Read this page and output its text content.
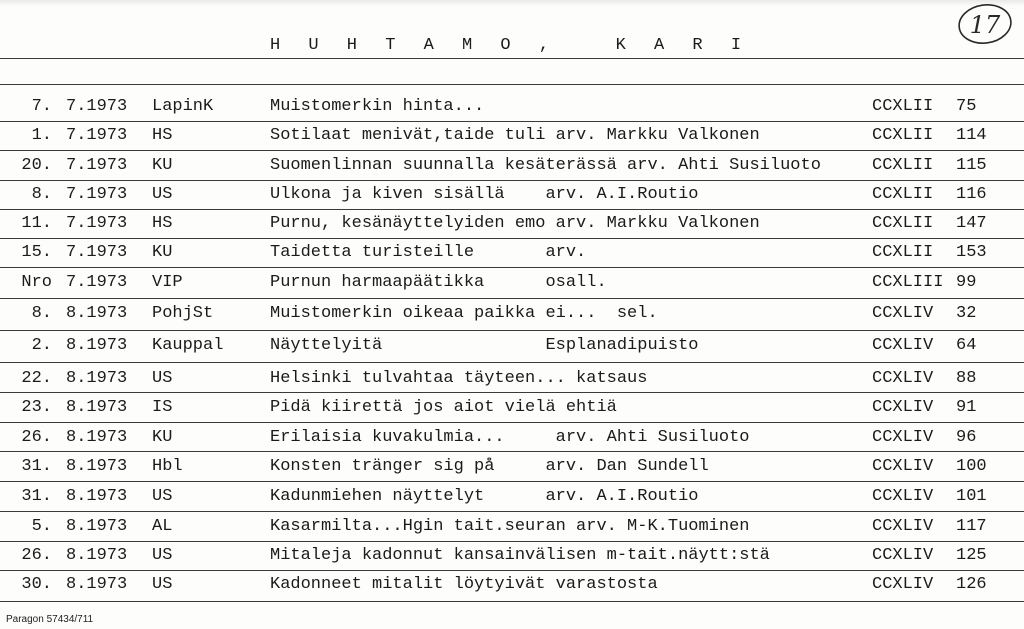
H U H T A M O ,   K A R I
17
7. 7.1973 LapinK	Muistomerkin hinta...	CCXLII 75
1. 7.1973 HS	Sotilaat menivät,taide tuli arv. Markku Valkonen	CCXLII 114
20. 7.1973 KU	Suomenlinnan suunnalla kesäterässä arv. Ahti Susiluoto	CCXLII 115
8. 7.1973 US	Ulkona ja kiven sisällä    arv. A.I.Routio	CCXLII 116
11. 7.1973 HS	Purnu, kesänäyttelyiden emo arv. Markku Valkonen	CCXLII 147
15. 7.1973 KU	Taidetta turisteille       arv.	CCXLII 153
Nro 7.1973 VIP	Purnun harmaapäätikka      osall.	CCXLIII 99
8. 8.1973 PohjSt	Muistomerkin oikeaa paikka ei...  sel.	CCXLIV 32
2. 8.1973 Kauppal	Näyttelyitä                Esplanadipuisto	CCXLIV 64
22. 8.1973 US	Helsinki tulvahtaa täyteen... katsaus	CCXLIV 88
23. 8.1973 IS	Pidä kiirettä jos aiot vielä ehtiä	CCXLIV 91
26. 8.1973 KU	Erilaisia kuvakulmia...     arv. Ahti Susiluoto	CCXLIV 96
31. 8.1973 Hbl	Konsten tränger sig på     arv. Dan Sundell	CCXLIV 100
31. 8.1973 US	Kadunmiehen näyttelyt      arv. A.I.Routio	CCXLIV 101
5. 8.1973 AL	Kasarmilta...Hgin tait.seuran arv. M-K.Tuominen	CCXLIV 117
26. 8.1973 US	Mitaleja kadonnut kansainvälisen m-tait.näytt:stä	CCXLIV 125
30. 8.1973 US	Kadonneet mitalit löytyivät varastosta	CCXLIV 126
Paragon 57434/711
